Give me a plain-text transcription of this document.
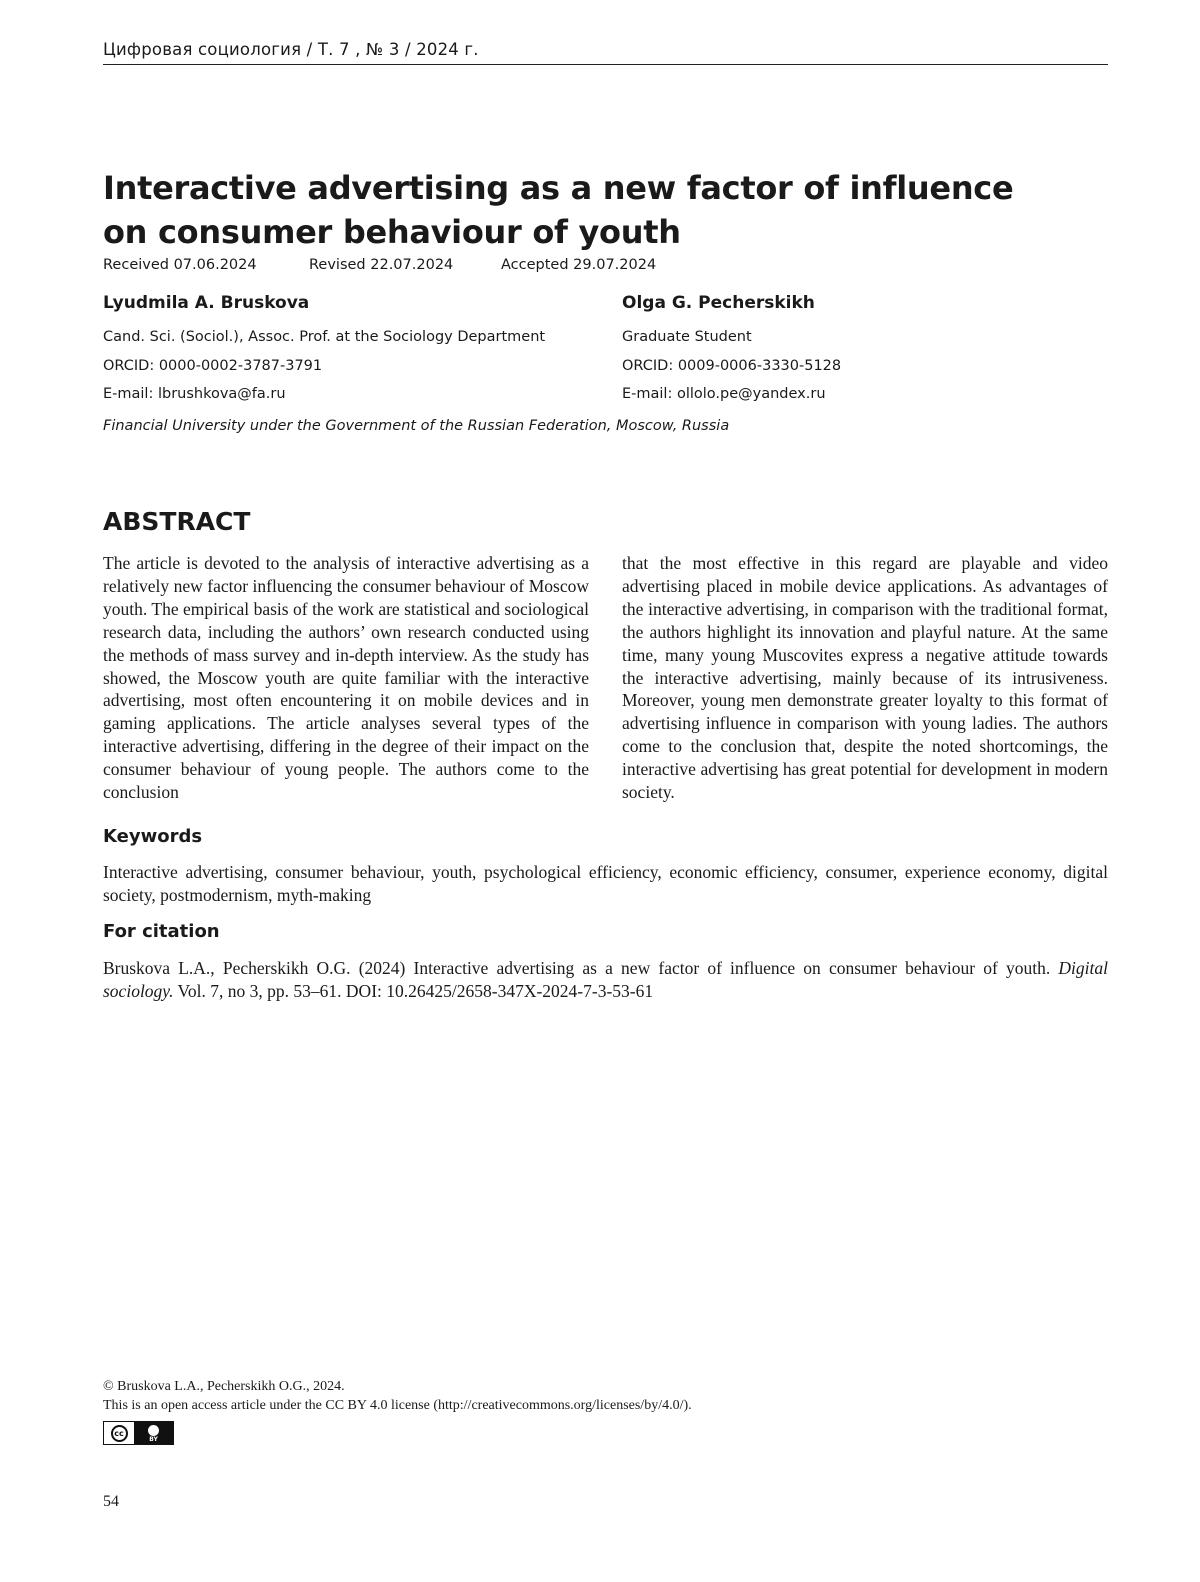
Цифровая социология / Т. 7 , № 3 / 2024 г.
Interactive advertising as a new factor of influence
on consumer behaviour of youth
Received 07.06.2024	Revised 22.07.2024	Accepted 29.07.2024

Lyudmila A. Bruskova

Cand. Sci. (Sociol.), Assoc. Prof. at the Sociology Department

ORCID: 0000-0002-3787-3791

E-mail: lbrushkova@fa.ru

Olga G. Pecherskikh

Graduate Student

ORCID: 0009-0006-3330-5128

E-mail: ollolo.pe@yandex.ru

Financial University under the Government of the Russian Federation, Moscow, Russia
ABSTRACT

The article is devoted to the analysis of interactive advertising as a relatively new factor influencing the consumer behaviour of Moscow youth. The empirical basis of the work are statistical and sociological research data, including the authors’ own research conducted using the methods of mass survey and in-depth interview. As the study has showed, the Moscow youth are quite familiar with the interactive advertising, most often encountering it on mobile devices and in gaming applications. The article analyses several types of the interactive advertising, differing in the degree of their impact on the consumer behaviour of young people. The authors come to the conclusion

that the most effective in this regard are playable and video advertising placed in mobile device applications. As advantages of the interactive advertising, in comparison with the traditional format, the authors highlight its innovation and playful nature. At the same time, many young Muscovites express a negative attitude towards the interactive advertising, mainly because of its intrusiveness. Moreover, young men demonstrate greater loyalty to this format of advertising influence in comparison with young ladies. The authors come to the conclusion that, despite the noted shortcomings, the interactive advertising has great potential for development in modern society.

Keywords

Interactive advertising, consumer behaviour, youth, psychological efficiency, economic efficiency, consumer, experience economy, digital society, postmodernism, myth-making

For citation

Bruskova L.A., Pecherskikh O.G. (2024) Interactive advertising as a new factor of influence on consumer behaviour of youth. Digital sociology. Vol. 7, no 3, pp. 53–61. DOI: 10.26425/2658-347X-2024-7-3-53-61

© Bruskova L.A., Pecherskikh O.G., 2024.

This is an open access article under the CC BY 4.0 license (http://creativecommons.org/licenses/by/4.0/).

cc
BY
54
